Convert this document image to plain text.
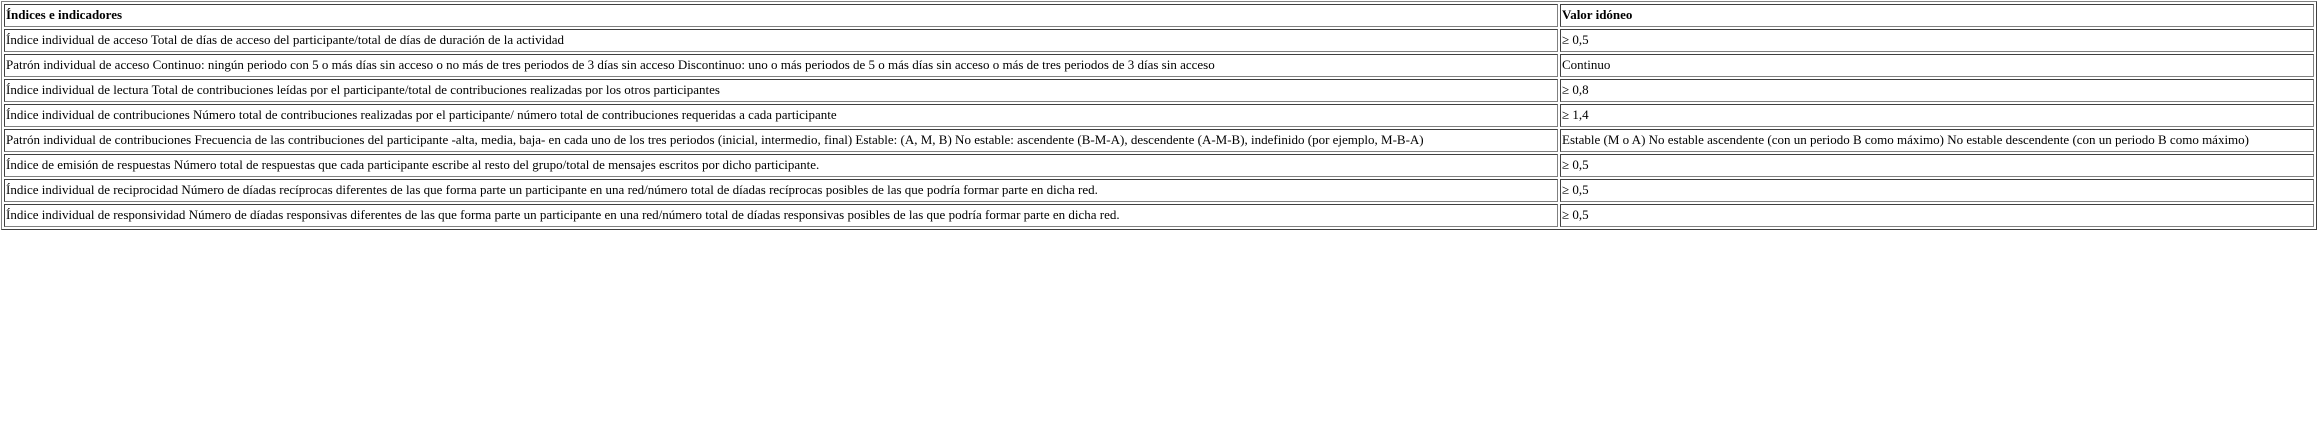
Índices e indicadores	Valor idóneo
Índice individual de acceso Total de días de acceso del participante/total de días de duración de la actividad	≥ 0,5
Patrón individual de acceso Continuo: ningún periodo con 5 o más días sin acceso o no más de tres periodos de 3 días sin acceso Discontinuo: uno o más periodos de 5 o más días sin acceso o más de tres periodos de 3 días sin acceso	Continuo
Índice individual de lectura Total de contribuciones leídas por el participante/total de contribuciones realizadas por los otros participantes	≥ 0,8
Índice individual de contribuciones Número total de contribuciones realizadas por el participante/ número total de contribuciones requeridas a cada participante	≥ 1,4
Patrón individual de contribuciones Frecuencia de las contribuciones del participante -alta, media, baja- en cada uno de los tres periodos (inicial, intermedio, final) Estable: (A, M, B) No estable: ascendente (B-M-A), descendente (A-M-B), indefinido (por ejemplo, M-B-A)	Estable (M o A) No estable ascendente (con un periodo B como máximo) No estable descendente (con un periodo B como máximo)
Índice de emisión de respuestas Número total de respuestas que cada participante escribe al resto del grupo/total de mensajes escritos por dicho participante.	≥ 0,5
Índice individual de reciprocidad Número de díadas recíprocas diferentes de las que forma parte un participante en una red/número total de díadas recíprocas posibles de las que podría formar parte en dicha red.	≥ 0,5
Índice individual de responsividad Número de díadas responsivas diferentes de las que forma parte un participante en una red/número total de díadas responsivas posibles de las que podría formar parte en dicha red.	≥ 0,5
